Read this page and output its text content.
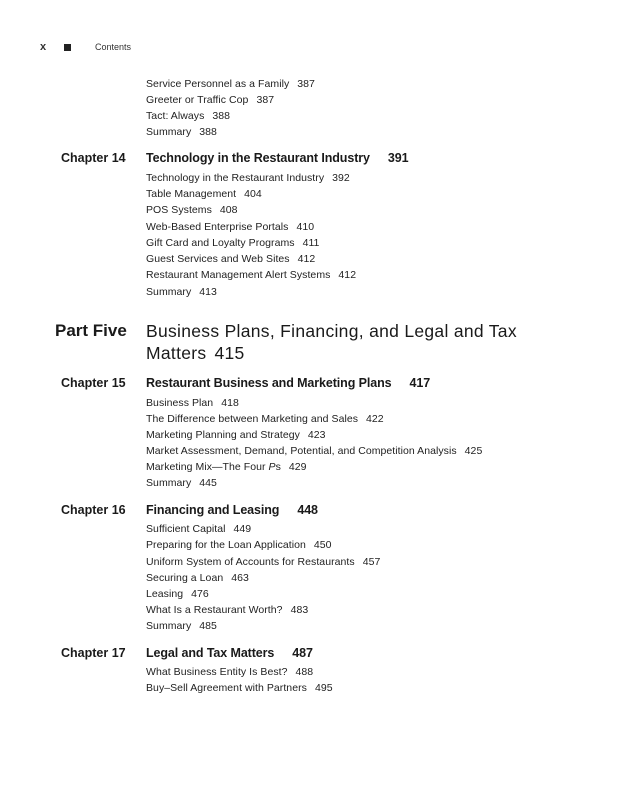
x	Contents
Service Personnel as a Family 387
Greeter or Traffic Cop 387
Tact: Always 388
Summary 388
Chapter 14 Technology in the Restaurant Industry 391
Technology in the Restaurant Industry 392
Table Management 404
POS Systems 408
Web-Based Enterprise Portals 410
Gift Card and Loyalty Programs 411
Guest Services and Web Sites 412
Restaurant Management Alert Systems 412
Summary 413
Part Five Business Plans, Financing, and Legal and Tax Matters 415
Chapter 15 Restaurant Business and Marketing Plans 417
Business Plan 418
The Difference between Marketing and Sales 422
Marketing Planning and Strategy 423
Market Assessment, Demand, Potential, and Competition Analysis 425
Marketing Mix—The Four Ps 429
Summary 445
Chapter 16 Financing and Leasing 448
Sufficient Capital 449
Preparing for the Loan Application 450
Uniform System of Accounts for Restaurants 457
Securing a Loan 463
Leasing 476
What Is a Restaurant Worth? 483
Summary 485
Chapter 17 Legal and Tax Matters 487
What Business Entity Is Best? 488
Buy–Sell Agreement with Partners 495
